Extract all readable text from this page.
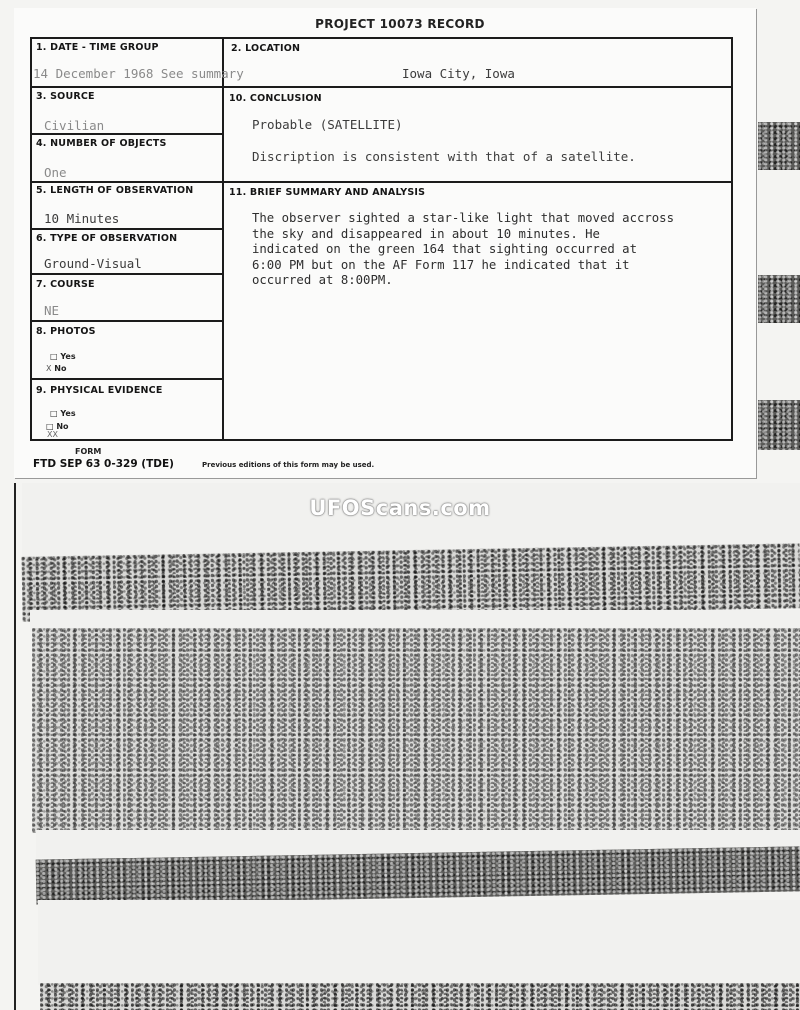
PROJECT 10073 RECORD
1. DATE - TIME GROUP
14 December 1968 See summary
3. SOURCE
Civilian
4. NUMBER OF OBJECTS
One
5. LENGTH OF OBSERVATION
10 Minutes
6. TYPE OF OBSERVATION
Ground-Visual
7. COURSE
NE
8. PHOTOS
□ Yes
X No
9. PHYSICAL EVIDENCE
□ Yes
□ No
XX
2. LOCATION
Iowa City, Iowa
10. CONCLUSION
Probable (SATELLITE)
Discription is consistent with that of a satellite.
11. BRIEF SUMMARY AND ANALYSIS
The observer sighted a star-like light that moved accross
the sky and disappeared in about 10 minutes. He
indicated on the green 164 that sighting occurred at
6:00 PM but on the AF Form 117 he indicated that it
occurred at 8:00PM.
FORM
FTD SEP 63 0-329 (TDE)	Previous editions of this form may be used.
UFOScans.com
